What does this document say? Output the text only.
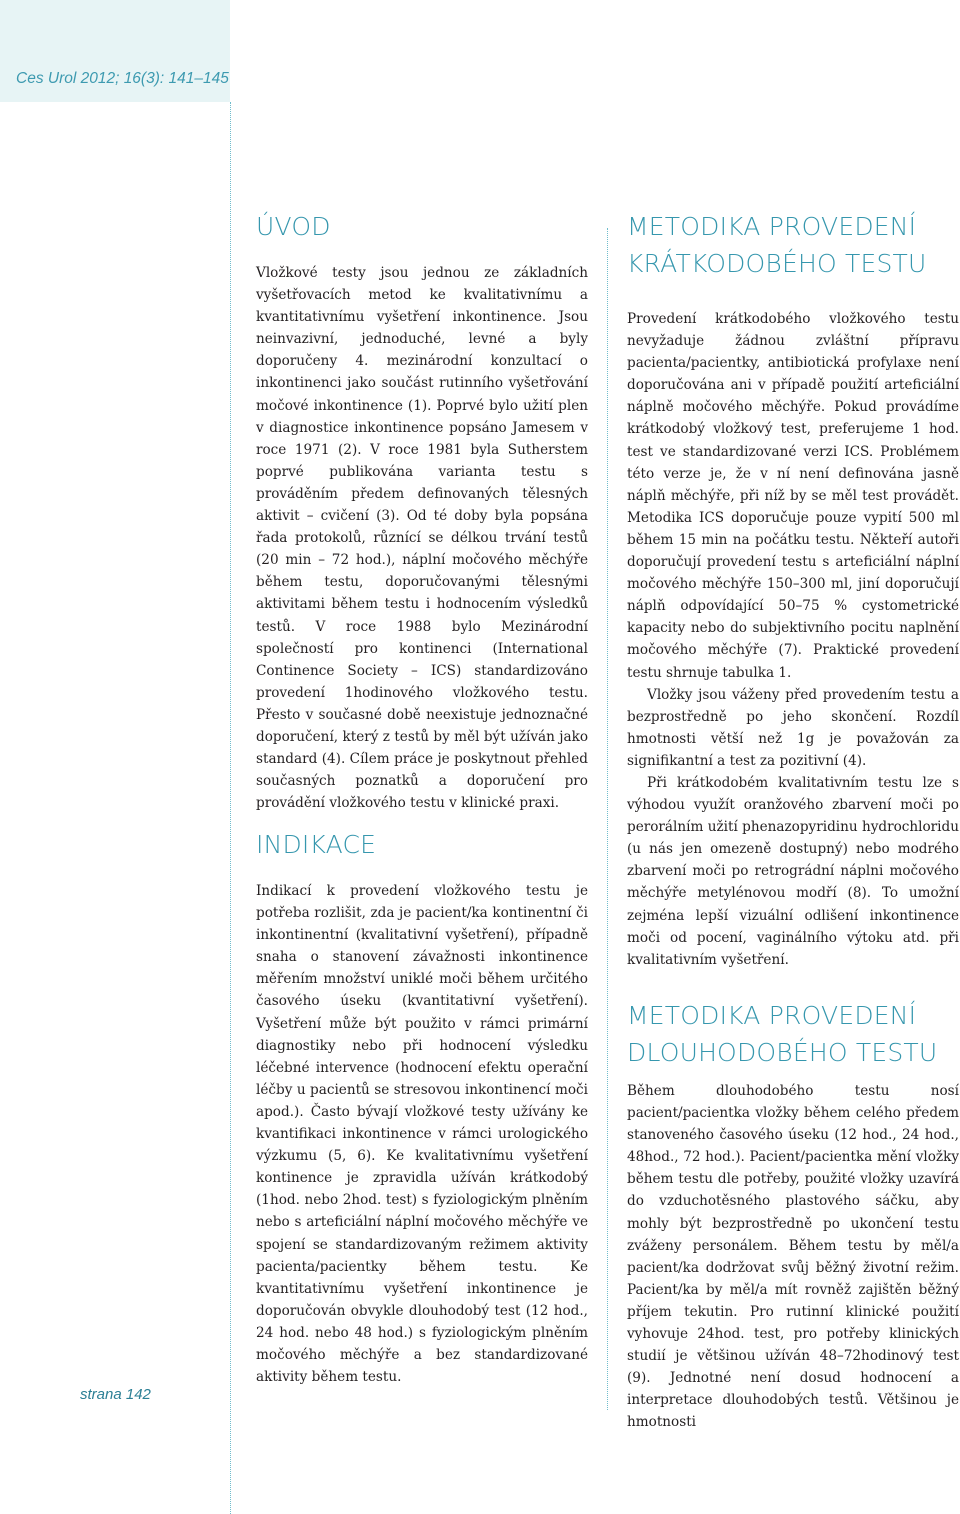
Ces Urol 2012; 16(3): 141–145

strana 142

ÚVOD

Vložkové testy jsou jednou ze základních vyšetřovacích metod ke kvalitativnímu a kvantitativnímu vyšetření inkontinence. Jsou neinvazivní, jednoduché, levné a byly doporučeny 4. mezinárodní konzultací o inkontinenci jako součást rutinního vyšetřování močové inkontinence (1). Poprvé bylo užití plen v diagnostice inkontinence popsáno Jamesem v roce 1971 (2). V roce 1981 byla Sutherstem poprvé publikována varianta testu s prováděním předem definovaných tělesných aktivit – cvičení (3). Od té doby byla popsána řada protokolů, různící se délkou trvání testů (20 min – 72 hod.), náplní močového měchýře během testu, doporučovanými tělesnými aktivitami během testu i hodnocením výsledků testů. V roce 1988 bylo Mezinárodní společností pro kontinenci (International Continence Society – ICS) standardizováno provedení 1hodinového vložkového testu. Přesto v současné době neexistuje jednoznačné doporučení, který z testů by měl být užíván jako standard (4). Cílem práce je poskytnout přehled současných poznatků a doporučení pro provádění vložkového testu v klinické praxi.

INDIKACE

Indikací k provedení vložkového testu je potřeba rozlišit, zda je pacient/ka kontinentní či inkontinentní (kvalitativní vyšetření), případně snaha o stanovení závažnosti inkontinence měřením množství uniklé moči během určitého časového úseku (kvantitativní vyšetření). Vyšetření může být použito v rámci primární diagnostiky nebo při hodnocení výsledku léčebné intervence (hodnocení efektu operační léčby u pacientů se stresovou inkontinencí moči apod.). Často bývají vložkové testy užívány ke kvantifikaci inkontinence v rámci urologického výzkumu (5, 6). Ke kvalitativnímu vyšetření kontinence je zpravidla užíván krátkodobý (1hod. nebo 2hod. test) s fyziologickým plněním nebo s arteficiální náplní močového měchýře ve spojení se standardizovaným režimem aktivity pacienta/pacientky během testu. Ke kvantitativnímu vyšetření inkontinence je doporučován obvykle dlouhodobý test (12 hod., 24 hod. nebo 48 hod.) s fyziologickým plněním močového měchýře a bez standardizované aktivity během testu.

METODIKA PROVEDENÍ
KRÁTKODOBÉHO TESTU

Provedení krátkodobého vložkového testu nevyžaduje žádnou zvláštní přípravu pacienta/pacientky, antibiotická profylaxe není doporučována ani v případě použití arteficiální náplně močového měchýře. Pokud provádíme krátkodobý vložkový test, preferujeme 1 hod. test ve standardizované verzi ICS. Problémem této verze je, že v ní není definována jasně náplň měchýře, při níž by se měl test provádět. Metodika ICS doporučuje pouze vypití 500 ml během 15 min na počátku testu. Někteří autoři doporučují provedení testu s arteficiální náplní močového měchýře 150–300 ml, jiní doporučují náplň odpovídající 50–75 % cystometrické kapacity nebo do subjektivního pocitu naplnění močového měchýře (7). Praktické provedení testu shrnuje tabulka 1.

Vložky jsou váženy před provedením testu a bezprostředně po jeho skončení. Rozdíl hmotnosti větší než 1g je považován za signifikantní a test za pozitivní (4).

Při krátkodobém kvalitativním testu lze s výhodou využít oranžového zbarvení moči po perorálním užití phenazopyridinu hydrochloridu (u nás jen omezeně dostupný) nebo modrého zbarvení moči po retrográdní náplni močového měchýře metylénovou modří (8). To umožní zejména lepší vizuální odlišení inkontinence moči od pocení, vaginálního výtoku atd. při kvalitativním vyšetření.

METODIKA PROVEDENÍ
DLOUHODOBÉHO TESTU

Během dlouhodobého testu nosí pacient/pacientka vložky během celého předem stanoveného časového úseku (12 hod., 24 hod., 48hod., 72 hod.). Pacient/pacientka mění vložky během testu dle potřeby, použité vložky uzavírá do vzduchotěsného plastového sáčku, aby mohly být bezprostředně po ukončení testu zváženy personálem. Během testu by měl/a pacient/ka dodržovat svůj běžný životní režim. Pacient/ka by měl/a mít rovněž zajištěn běžný příjem tekutin. Pro rutinní klinické použití vyhovuje 24hod. test, pro potřeby klinických studií je většinou užíván 48–72hodinový test (9). Jednotné není dosud hodnocení a interpretace dlouhodobých testů. Většinou je hmotnosti
